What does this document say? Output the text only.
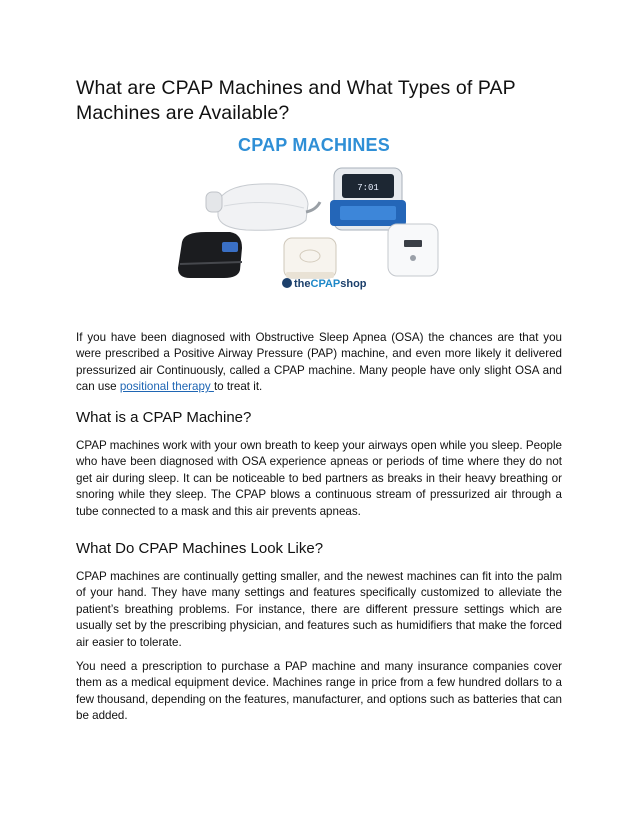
What are CPAP Machines and What Types of PAP Machines are Available?
CPAP MACHINES
7:01
theCPAPshop

If you have been diagnosed with Obstructive Sleep Apnea (OSA) the chances are that you were prescribed a Positive Airway Pressure (PAP) machine, and even more likely it delivered pressurized air Continuously, called a CPAP machine. Many people have only slight OSA and can use positional therapy to treat it.

What is a CPAP Machine?

CPAP machines work with your own breath to keep your airways open while you sleep. People who have been diagnosed with OSA experience apneas or periods of time where they do not get air during sleep. It can be noticeable to bed partners as breaks in their heavy breathing or snoring while they sleep. The CPAP blows a continuous stream of pressurized air through a tube connected to a mask and this air prevents apneas.

What Do CPAP Machines Look Like?

CPAP machines are continually getting smaller, and the newest machines can fit into the palm of your hand. They have many settings and features specifically customized to alleviate the patient’s breathing problems. For instance, there are different pressure settings which are usually set by the prescribing physician, and features such as humidifiers that make the forced air easier to tolerate.

You need a prescription to purchase a PAP machine and many insurance companies cover them as a medical equipment device. Machines range in price from a few hundred dollars to a few thousand, depending on the features, manufacturer, and options such as batteries that can be added.
